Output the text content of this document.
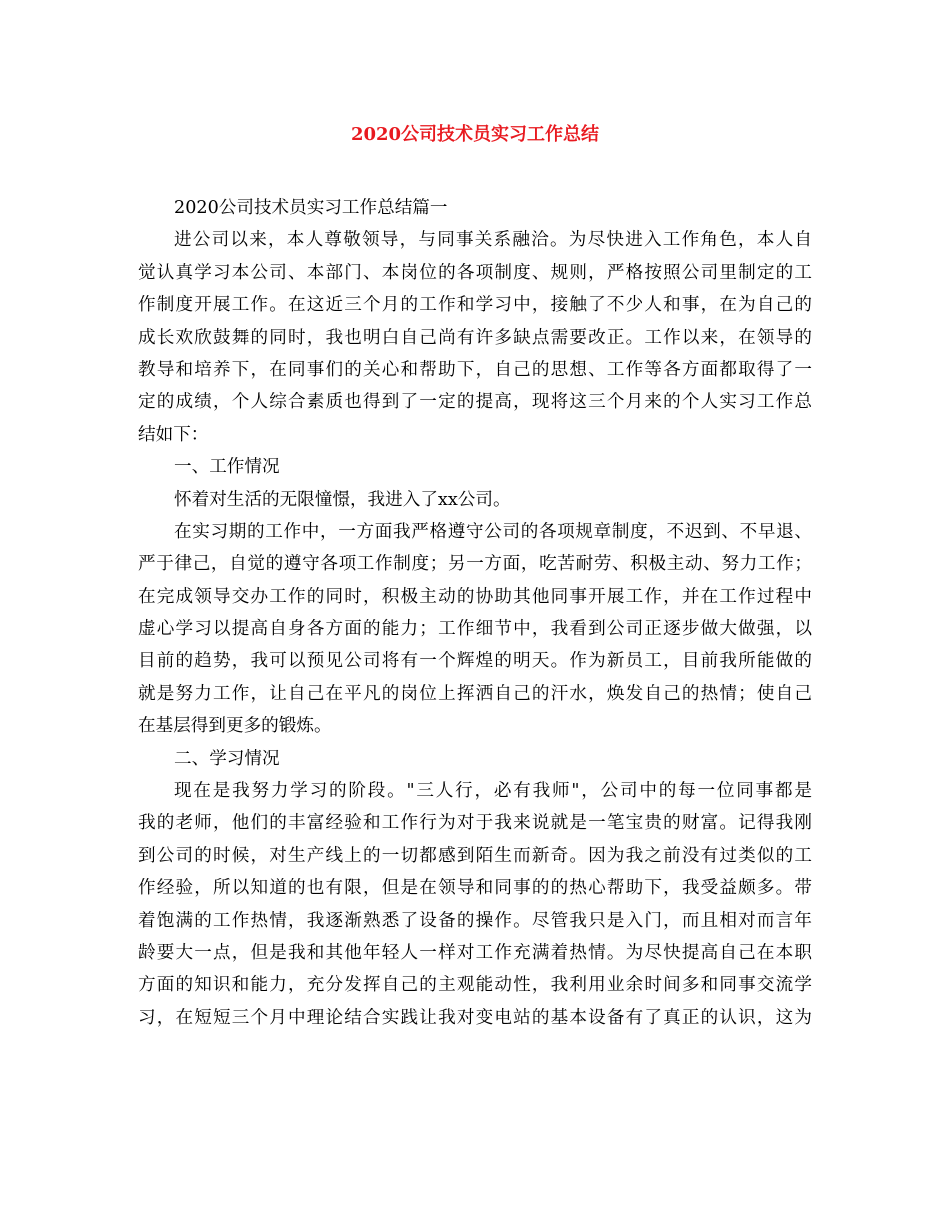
2020公司技术员实习工作总结
2020公司技术员实习工作总结篇一
进公司以来，本人尊敬领导，与同事关系融洽。为尽快进入工作角色，本人自
觉认真学习本公司、本部门、本岗位的各项制度、规则，严格按照公司里制定的工
作制度开展工作。在这近三个月的工作和学习中，接触了不少人和事，在为自己的
成长欢欣鼓舞的同时，我也明白自己尚有许多缺点需要改正。工作以来，在领导的
教导和培养下，在同事们的关心和帮助下，自己的思想、工作等各方面都取得了一
定的成绩，个人综合素质也得到了一定的提高，现将这三个月来的个人实习工作总
结如下：
一、工作情况
怀着对生活的无限憧憬，我进入了xx公司。
在实习期的工作中，一方面我严格遵守公司的各项规章制度，不迟到、不早退、
严于律己，自觉的遵守各项工作制度；另一方面，吃苦耐劳、积极主动、努力工作；
在完成领导交办工作的同时，积极主动的协助其他同事开展工作，并在工作过程中
虚心学习以提高自身各方面的能力；工作细节中，我看到公司正逐步做大做强，以
目前的趋势，我可以预见公司将有一个辉煌的明天。作为新员工，目前我所能做的
就是努力工作，让自己在平凡的岗位上挥洒自己的汗水，焕发自己的热情；使自己
在基层得到更多的锻炼。
二、学习情况
现在是我努力学习的阶段。"三人行，必有我师"，公司中的每一位同事都是
我的老师，他们的丰富经验和工作行为对于我来说就是一笔宝贵的财富。记得我刚
到公司的时候，对生产线上的一切都感到陌生而新奇。因为我之前没有过类似的工
作经验，所以知道的也有限，但是在领导和同事的的热心帮助下，我受益颇多。带
着饱满的工作热情，我逐渐熟悉了设备的操作。尽管我只是入门，而且相对而言年
龄要大一点，但是我和其他年轻人一样对工作充满着热情。为尽快提高自己在本职
方面的知识和能力，充分发挥自己的主观能动性，我利用业余时间多和同事交流学
习，在短短三个月中理论结合实践让我对变电站的基本设备有了真正的认识，这为
